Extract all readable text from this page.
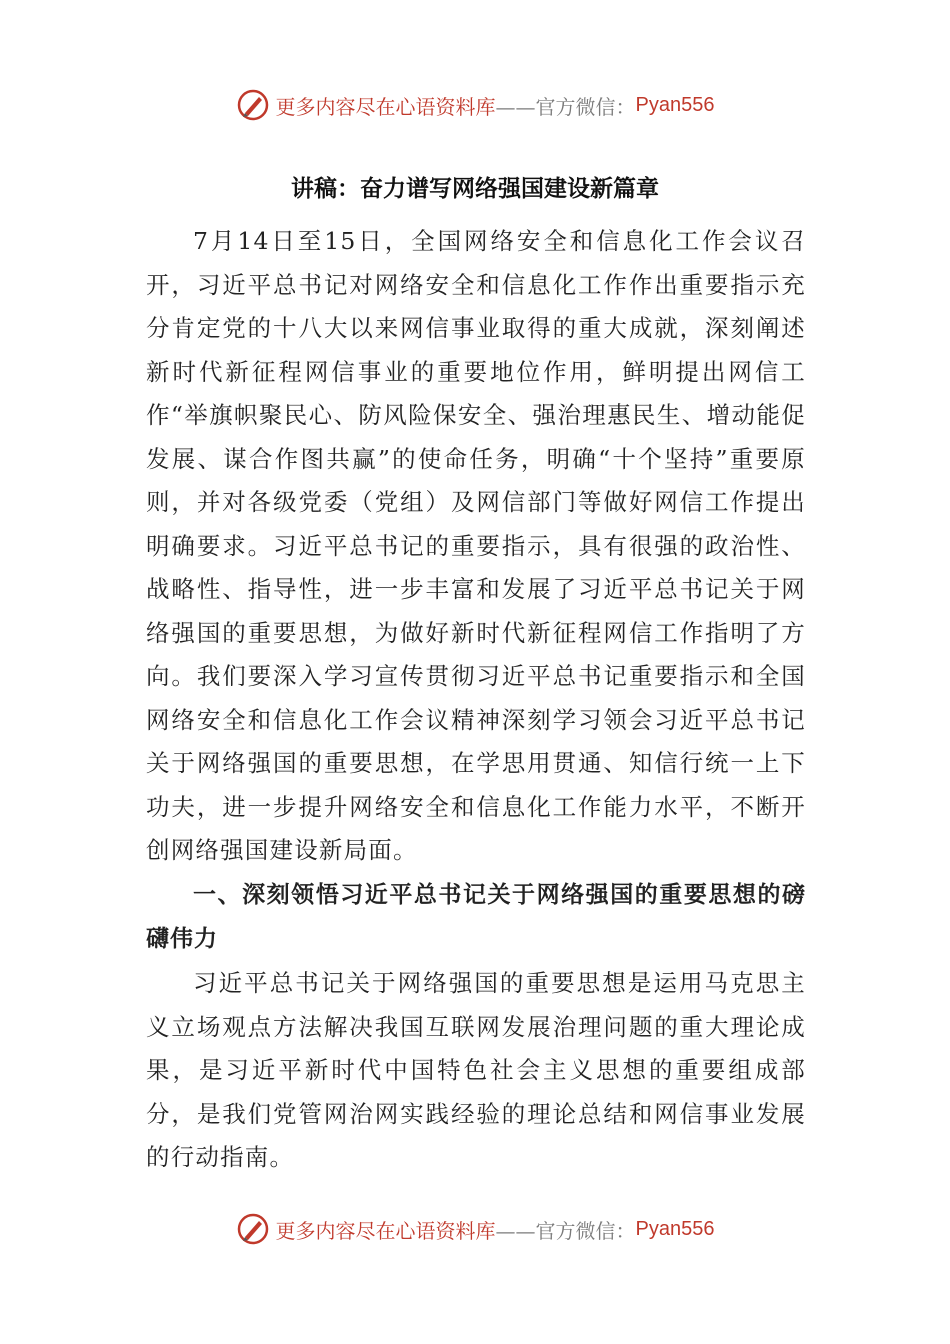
更多内容尽在心语资料库 ——官方微信： Pyan556
讲稿：奋力谱写网络强国建设新篇章

7月14日至15日，全国网络安全和信息化工作会议召开，习近平总书记对网络安全和信息化工作作出重要指示充分肯定党的十八大以来网信事业取得的重大成就，深刻阐述新时代新征程网信事业的重要地位作用，鲜明提出网信工作“举旗帜聚民心、防风险保安全、强治理惠民生、增动能促发展、谋合作图共赢”的使命任务，明确“十个坚持”重要原则，并对各级党委（党组）及网信部门等做好网信工作提出明确要求。习近平总书记的重要指示，具有很强的政治性、战略性、指导性，进一步丰富和发展了习近平总书记关于网络强国的重要思想，为做好新时代新征程网信工作指明了方向。我们要深入学习宣传贯彻习近平总书记重要指示和全国网络安全和信息化工作会议精神深刻学习领会习近平总书记关于网络强国的重要思想，在学思用贯通、知信行统一上下功夫，进一步提升网络安全和信息化工作能力水平，不断开创网络强国建设新局面。

一、深刻领悟习近平总书记关于网络强国的重要思想的磅礴伟力

习近平总书记关于网络强国的重要思想是运用马克思主义立场观点方法解决我国互联网发展治理问题的重大理论成果，是习近平新时代中国特色社会主义思想的重要组成部分，是我们党管网治网实践经验的理论总结和网信事业发展的行动指南。

更多内容尽在心语资料库 ——官方微信： Pyan556
